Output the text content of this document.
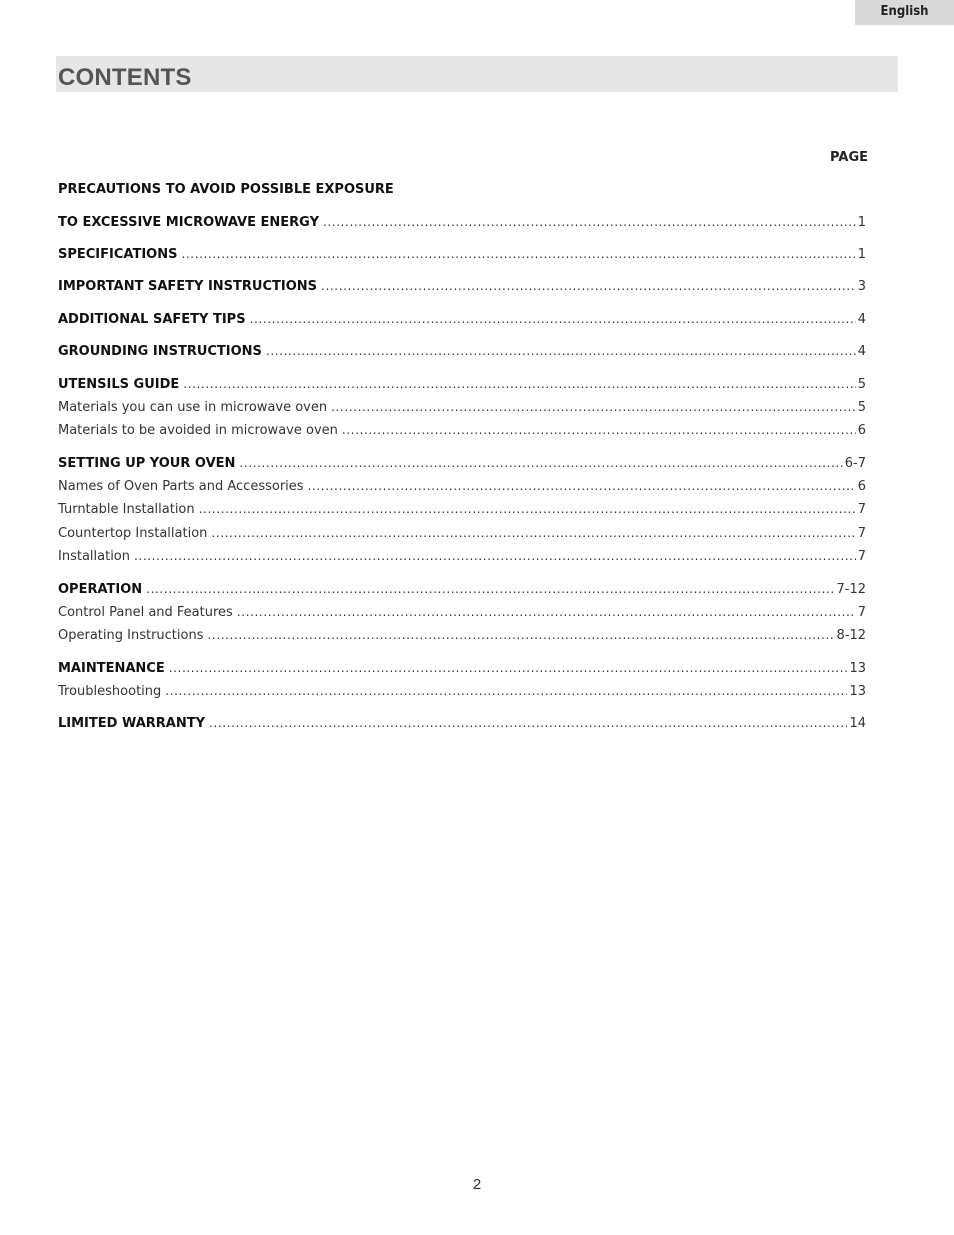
English
CONTENTS
PAGE
PRECAUTIONS TO AVOID POSSIBLE EXPOSURE
TO EXCESSIVE MICROWAVE ENERGY .....	1
SPECIFICATIONS .....	1
IMPORTANT SAFETY INSTRUCTIONS .....	3
ADDITIONAL SAFETY TIPS .....	4
GROUNDING INSTRUCTIONS .....	4
UTENSILS GUIDE .....	5
Materials you can use in microwave oven .....	5
Materials to be avoided in microwave oven .....	6
SETTING UP YOUR OVEN .....	6-7
Names of Oven Parts and Accessories .....	6
Turntable Installation .....	7
Countertop Installation .....	7
Installation .....	7
OPERATION .....	7-12
Control Panel and Features .....	7
Operating Instructions .....	8-12
MAINTENANCE .....	13
Troubleshooting .....	13
LIMITED WARRANTY .....	14
2
